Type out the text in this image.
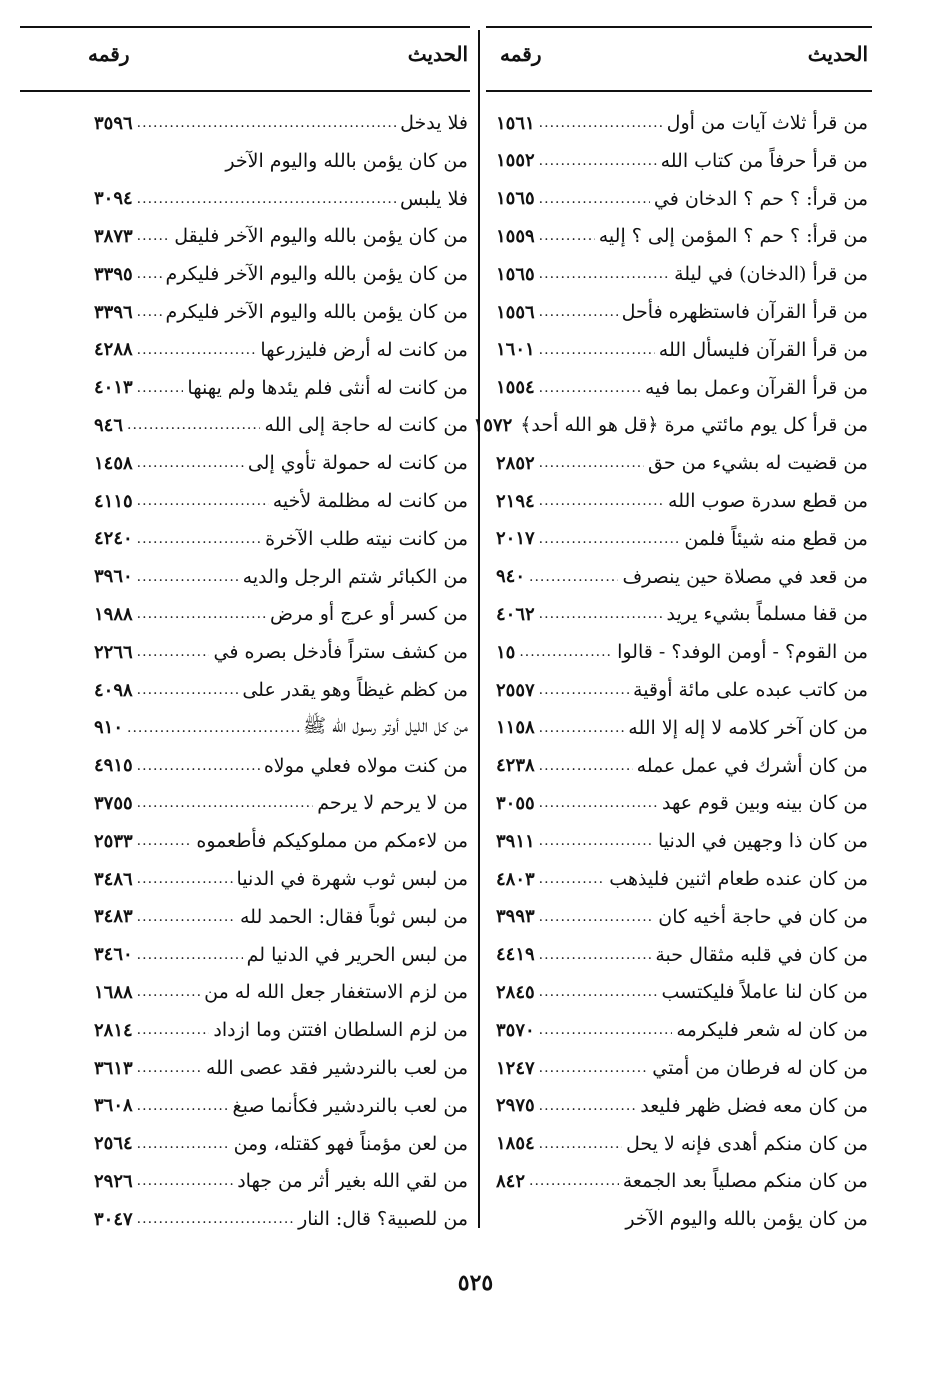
الحديث
رقمه
الحديث
رقمه
من قرأ ثلاث آيات من أول
.....
١٥٦١
من قرأ حرفاً من كتاب الله
.....
١٥٥٢
من قرأ: ؟ حم ؟ الدخان في
.....
١٥٦٥
من قرأ: ؟ حم ؟ المؤمن إلى ؟ إليه
.....
١٥٥٩
من قرأ (الدخان) في ليلة
.....
١٥٦٥
من قرأ القرآن فاستظهره فأحل
.....
١٥٥٦
من قرأ القرآن فليسأل الله
.....
١٦٠١
من قرأ القرآن وعمل بما فيه
.....
١٥٥٤
من قرأ كل يوم مائتي مرة ﴿قل هو الله أحد﴾
١٥٧٢
من قضيت له بشيء من حق
.....
٢٨٥٢
من قطع سدرة صوب الله
.....
٢١٩٤
من قطع منه شيئاً فلمن
.....
٢٠١٧
من قعد في مصلاة حين ينصرف
.....
٩٤٠
من قفا مسلماً بشيء يريد
.....
٤٠٦٢
من القوم؟ - أومن الوفد؟ - قالوا
.....
١٥
من كاتب عبده على مائة أوقية
.....
٢٥٥٧
من كان آخر كلامه لا إله إلا الله
.....
١١٥٨
من كان أشرك في عمل عمله
.....
٤٢٣٨
من كان بينه وبين قوم عهد
.....
٣٠٥٥
من كان ذا وجهين في الدنيا
.....
٣٩١١
من كان عنده طعام اثنين فليذهب
.....
٤٨٠٣
من كان في حاجة أخيه كان
.....
٣٩٩٣
من كان في قلبه مثقال حبة
.....
٤٤١٩
من كان لنا عاملاً فليكتسب
.....
٢٨٤٥
من كان له شعر فليكرمه
.....
٣٥٧٠
من كان له فرطان من أمتي
.....
١٢٤٧
من كان معه فضل ظهر فليعد
.....
٢٩٧٥
من كان منكم أهدى فإنه لا يحل
.....
١٨٥٤
من كان منكم مصلياً بعد الجمعة
.....
٨٤٢
من كان يؤمن بالله واليوم الآخر
فلا يدخل
.....
٣٥٩٦
من كان يؤمن بالله واليوم الآخر
فلا يلبس
.....
٣٠٩٤
من كان يؤمن بالله واليوم الآخر فليقل
.....
٣٨٧٣
من كان يؤمن بالله واليوم الآخر فليكرم
.....
٣٣٩٥
من كان يؤمن بالله واليوم الآخر فليكرم
.....
٣٣٩٦
من كانت له أرض فليزرعها
.....
٤٢٨٨
من كانت له أنثى فلم يئدها ولم يهنها
.....
٤٠١٣
من كانت له حاجة إلى الله
.....
٩٤٦
من كانت له حمولة تأوي إلى
.....
١٤٥٨
من كانت له مظلمة لأخيه
.....
٤١١٥
من كانت نيته طلب الآخرة
.....
٤٢٤٠
من الكبائر شتم الرجل والديه
.....
٣٩٦٠
من كسر أو عرج أو مرض
.....
١٩٨٨
من كشف ستراً فأدخل بصره في
.....
٢٢٦٦
من كظم غيظاً وهو يقدر على
.....
٤٠٩٨
من كل الليل أوتر رسول الله ﷺ
.....
٩١٠
من كنت مولاه فعلي مولاه
.....
٤٩١٥
من لا يرحم لا يرحم
.....
٣٧٥٥
من لاءمكم من مملوكيكم فأطعموه
.....
٢٥٣٣
من لبس ثوب شهرة في الدنيا
.....
٣٤٨٦
من لبس ثوباً فقال: الحمد لله
.....
٣٤٨٣
من لبس الحرير في الدنيا لم
.....
٣٤٦٠
من لزم الاستغفار جعل الله له من
.....
١٦٨٨
من لزم السلطان افتتن وما ازداد
.....
٢٨١٤
من لعب بالنردشير فقد عصى الله
.....
٣٦١٣
من لعب بالنردشير فكأنما صبغ
.....
٣٦٠٨
من لعن مؤمناً فهو كقتله، ومن
.....
٢٥٦٤
من لقي الله بغير أثر من جهاد
.....
٢٩٢٦
من للصبية؟ قال: النار
.....
٣٠٤٧
٥٢٥
